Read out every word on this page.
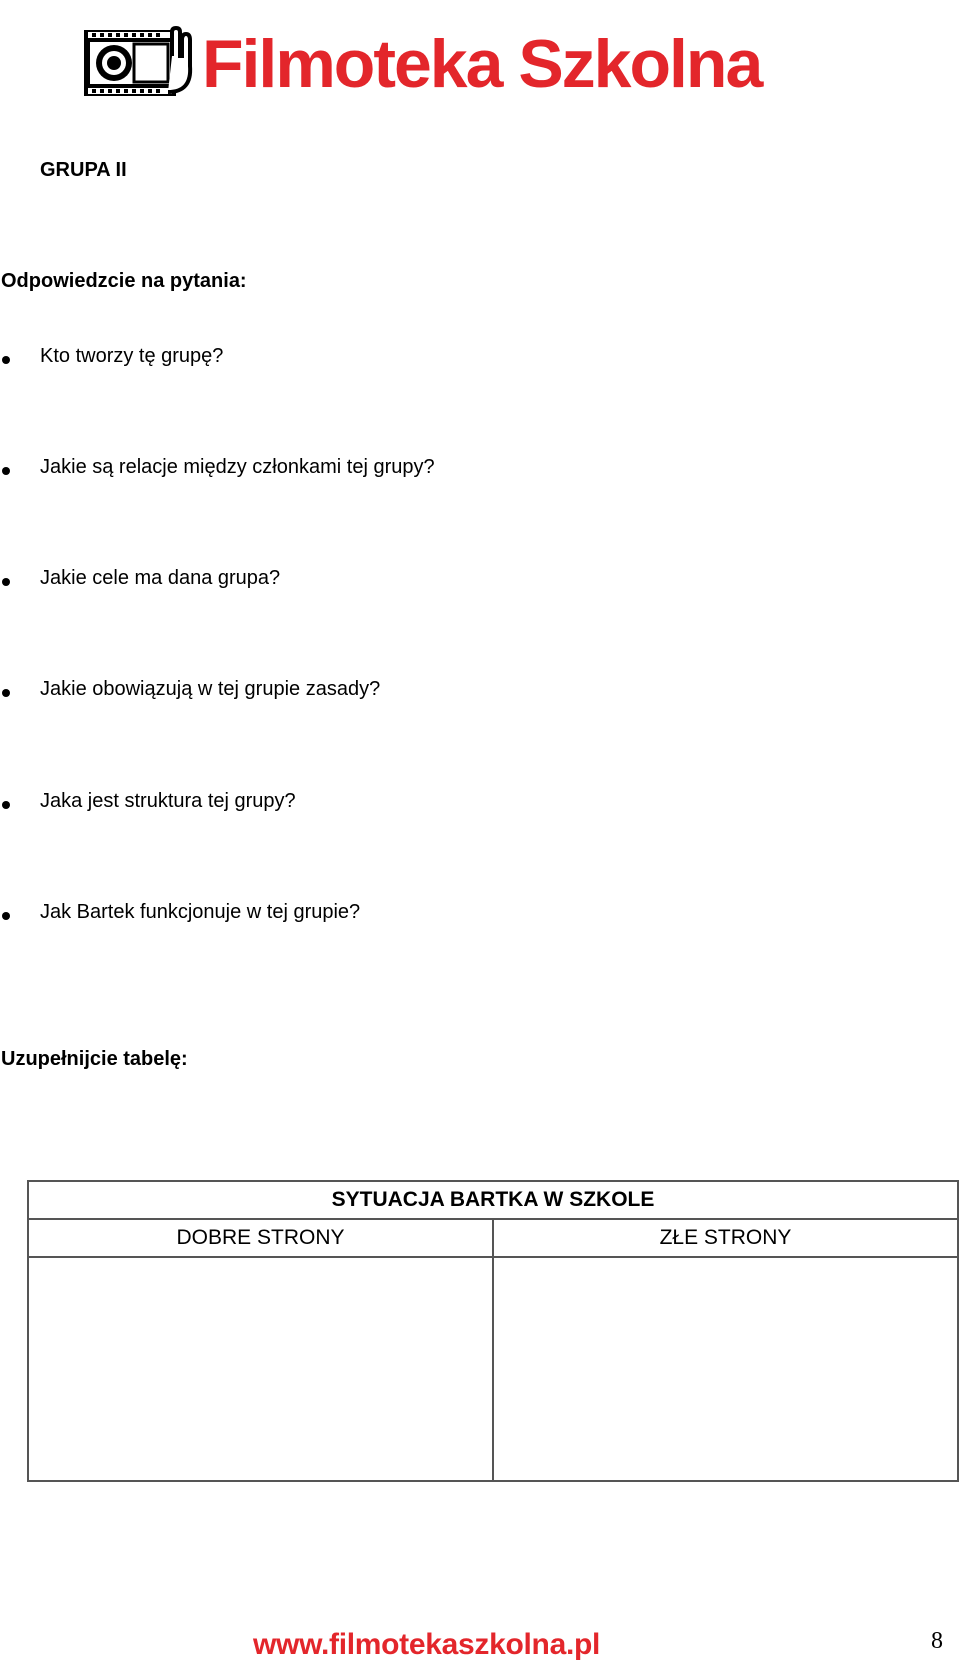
Filmoteka Szkolna
GRUPA II
Odpowiedzcie na pytania:
Kto tworzy tę grupę?
Jakie są relacje między członkami tej grupy?
Jakie cele ma dana grupa?
Jakie obowiązują w tej grupie zasady?
Jaka jest struktura tej grupy?
Jak Bartek funkcjonuje w tej grupie?
Uzupełnijcie tabelę:
SYTUACJA BARTKA W SZKOLE
DOBRE STRONY	ZŁE STRONY
www.filmotekaszkolna.pl	8
